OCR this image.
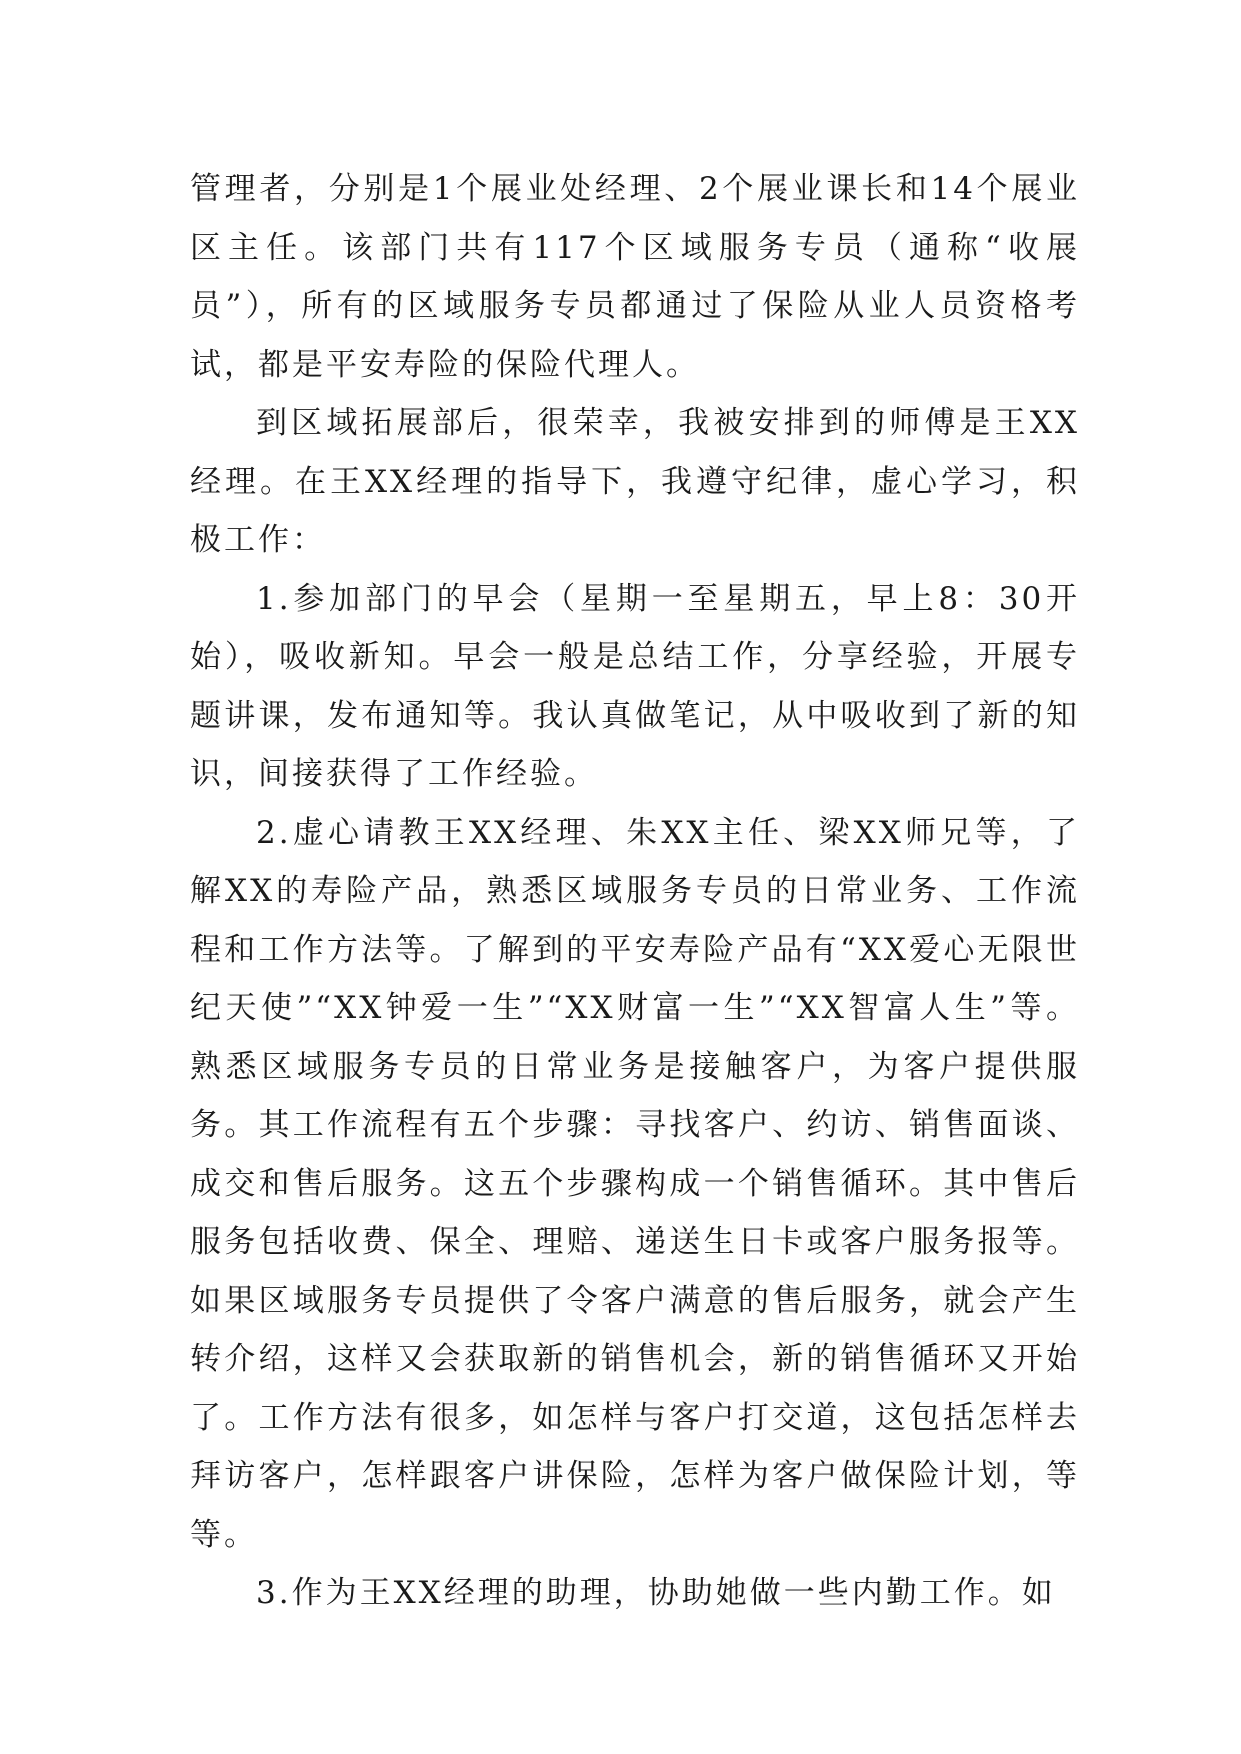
管理者，分别是1个展业处经理、2个展业课长和14个展业区主任。该部门共有117个区域服务专员（通称“收展员”），所有的区域服务专员都通过了保险从业人员资格考试，都是平安寿险的保险代理人。

到区域拓展部后，很荣幸，我被安排到的师傅是王XX经理。在王XX经理的指导下，我遵守纪律，虚心学习，积极工作：

1.参加部门的早会（星期一至星期五，早上8：30开始），吸收新知。早会一般是总结工作，分享经验，开展专题讲课，发布通知等。我认真做笔记，从中吸收到了新的知识，间接获得了工作经验。

2.虚心请教王XX经理、朱XX主任、梁XX师兄等，了解XX的寿险产品，熟悉区域服务专员的日常业务、工作流程和工作方法等。了解到的平安寿险产品有“XX爱心无限世纪天使”“XX钟爱一生”“XX财富一生”“XX智富人生”等。熟悉区域服务专员的日常业务是接触客户，为客户提供服务。其工作流程有五个步骤：寻找客户、约访、销售面谈、成交和售后服务。这五个步骤构成一个销售循环。其中售后服务包括收费、保全、理赔、递送生日卡或客户服务报等。如果区域服务专员提供了令客户满意的售后服务，就会产生转介绍，这样又会获取新的销售机会，新的销售循环又开始了。工作方法有很多，如怎样与客户打交道，这包括怎样去拜访客户，怎样跟客户讲保险，怎样为客户做保险计划，等等。

3.作为王XX经理的助理，协助她做一些内勤工作。如
